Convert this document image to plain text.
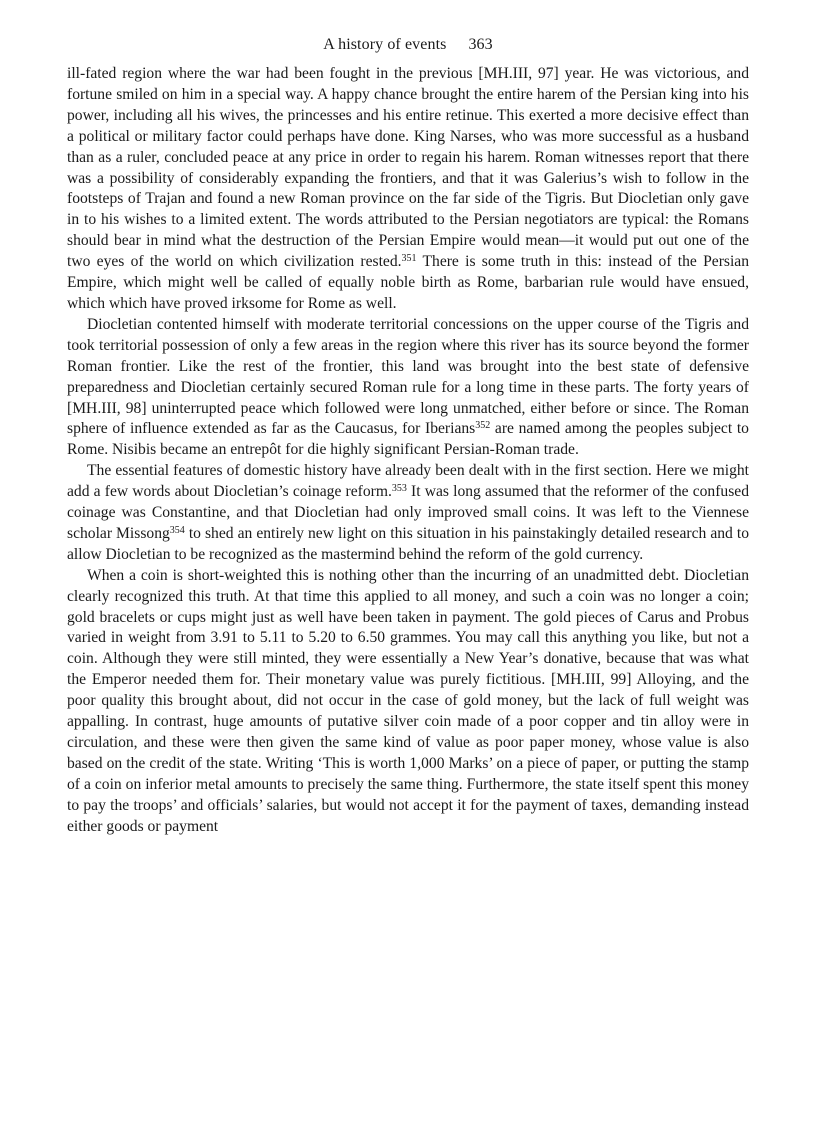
A history of events 363

ill-fated region where the war had been fought in the previous [MH.III, 97] year. He was victorious, and fortune smiled on him in a special way. A happy chance brought the entire harem of the Persian king into his power, including all his wives, the princesses and his entire retinue. This exerted a more decisive effect than a political or military factor could perhaps have done. King Narses, who was more successful as a husband than as a ruler, concluded peace at any price in order to regain his harem. Roman witnesses report that there was a possibility of considerably expanding the frontiers, and that it was Galerius’s wish to follow in the footsteps of Trajan and found a new Roman province on the far side of the Tigris. But Diocletian only gave in to his wishes to a limited extent. The words attributed to the Persian negotiators are typical: the Romans should bear in mind what the destruction of the Persian Empire would mean—it would put out one of the two eyes of the world on which civilization rested.$^{351}$ There is some truth in this: instead of the Persian Empire, which might well be called of equally noble birth as Rome, barbarian rule would have ensued, which which have proved irksome for Rome as well.

Diocletian contented himself with moderate territorial concessions on the upper course of the Tigris and took territorial possession of only a few areas in the region where this river has its source beyond the former Roman frontier. Like the rest of the frontier, this land was brought into the best state of defensive preparedness and Diocletian certainly secured Roman rule for a long time in these parts. The forty years of [MH.III, 98] uninterrupted peace which followed were long unmatched, either before or since. The Roman sphere of influence extended as far as the Caucasus, for Iberians$^{352}$ are named among the peoples subject to Rome. Nisibis became an entrepôt for die highly significant Persian-Roman trade.

The essential features of domestic history have already been dealt with in the first section. Here we might add a few words about Diocletian’s coinage reform.$^{353}$ It was long assumed that the reformer of the confused coinage was Constantine, and that Diocletian had only improved small coins. It was left to the Viennese scholar Missong$^{354}$ to shed an entirely new light on this situation in his painstakingly detailed research and to allow Diocletian to be recognized as the mastermind behind the reform of the gold currency.

When a coin is short-weighted this is nothing other than the incurring of an unadmitted debt. Diocletian clearly recognized this truth. At that time this applied to all money, and such a coin was no longer a coin; gold bracelets or cups might just as well have been taken in payment. The gold pieces of Carus and Probus varied in weight from 3.91 to 5.11 to 5.20 to 6.50 grammes. You may call this anything you like, but not a coin. Although they were still minted, they were essentially a New Year’s donative, because that was what the Emperor needed them for. Their monetary value was purely fictitious. [MH.III, 99] Alloying, and the poor quality this brought about, did not occur in the case of gold money, but the lack of full weight was appalling. In contrast, huge amounts of putative silver coin made of a poor copper and tin alloy were in circulation, and these were then given the same kind of value as poor paper money, whose value is also based on the credit of the state. Writing ‘This is worth 1,000 Marks’ on a piece of paper, or putting the stamp of a coin on inferior metal amounts to precisely the same thing. Furthermore, the state itself spent this money to pay the troops’ and officials’ salaries, but would not accept it for the payment of taxes, demanding instead either goods or payment
